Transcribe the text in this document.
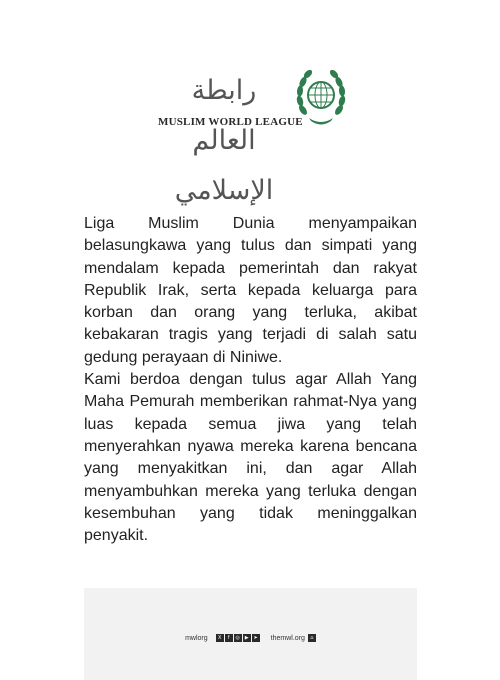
رابطة العالم الإسلامي
MUSLIM WORLD LEAGUE

Liga Muslim Dunia menyampaikan belasungkawa yang tulus dan simpati yang mendalam kepada pemerintah dan rakyat Republik Irak, serta kepada keluarga para korban dan orang yang terluka, akibat kebakaran tragis yang terjadi di salah satu gedung perayaan di Niniwe.

Kami berdoa dengan tulus agar Allah Yang Maha Pemurah memberikan rahmat-Nya yang luas kepada semua jiwa yang telah menyerahkan nyawa mereka karena bencana yang menyakitkan ini, dan agar Allah menyambuhkan mereka yang terluka dengan kesembuhan yang tidak meninggalkan penyakit.

mwlorg X f ◎ ▶ ➤ themwl.org ⌂
